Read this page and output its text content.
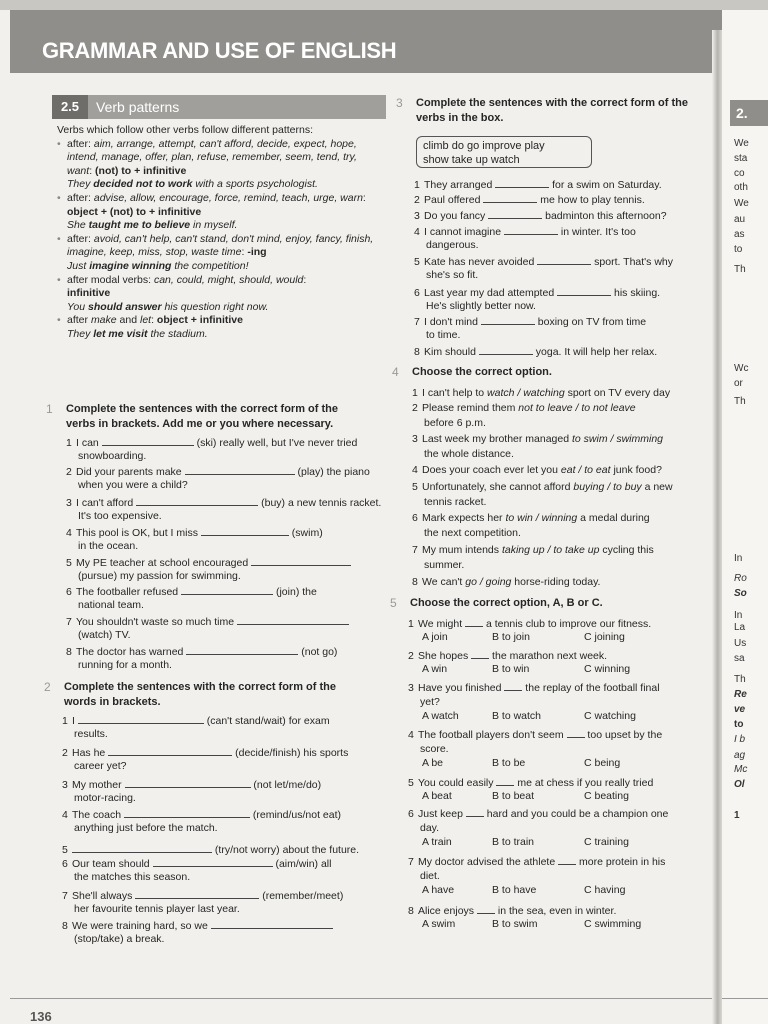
GRAMMAR AND USE OF ENGLISH
2.5	Verb patterns

Verbs which follow other verbs follow different patterns:

• after: aim, arrange, attempt, can't afford, decide, expect, hope, intend, manage, offer, plan, refuse, remember, seem, tend, try, want: (not) to + infinitive
They decided not to work with a sports psychologist.
• after: advise, allow, encourage, force, remind, teach, urge, warn: object + (not) to + infinitive
She taught me to believe in myself.
• after: avoid, can't help, can't stand, don't mind, enjoy, fancy, finish, imagine, keep, miss, stop, waste time: -ing
Just imagine winning the competition!
• after modal verbs: can, could, might, should, would:
infinitive
You should answer his question right now.
• after make and let: object + infinitive
They let me visit the stadium.
1 Complete the sentences with the correct form of the verbs in brackets. Add me or you where necessary.
2 Complete the sentences with the correct form of the words in brackets.
3 Complete the sentences with the correct form of the verbs in the box.
4 Choose the correct option.
5 Choose the correct option, A, B or C.
1 I can	(ski) really well, but I've never tried
snowboarding.
2 Did your parents make	(play) the piano
when you were a child?
3 I can't afford	(buy) a new tennis racket.
It's too expensive.
4 This pool is OK, but I miss	(swim)
in the ocean.
5 My PE teacher at school encouraged
(pursue) my passion for swimming.
6 The footballer refused	(join) the
national team.
7 You shouldn't waste so much time
(watch) TV.
8 The doctor has warned	(not go)
running for a month.
1 I	(can't stand/wait) for exam
results.
2 Has he	(decide/finish) his sports
career yet?
3 My mother	(not let/me/do)
motor-racing.
4 The coach	(remind/us/not eat)
anything just before the match.
5	(try/not worry) about the future.
6 Our team should	(aim/win) all
the matches this season.
7 She'll always	(remember/meet)
her favourite tennis player last year.
8 We were training hard, so we
(stop/take) a break.
1 They arranged	for a swim on Saturday.
2 Paul offered	me how to play tennis.
3 Do you fancy	badminton this afternoon?
4 I cannot imagine	in winter. It's too
dangerous.
5 Kate has never avoided	sport. That's why
she's so fit.
6 Last year my dad attempted	his skiing.
He's slightly better now.
7 I don't mind	boxing on TV from time
to time.
8 Kim should	yoga. It will help her relax.
1 I can't help to watch / watching sport on TV every day
2 Please remind them not to leave / to not leave
before 6 p.m.
3 Last week my brother managed to swim / swimming
the whole distance.
4 Does your coach ever let you eat / to eat junk food?
5 Unfortunately, she cannot afford buying / to buy a new
tennis racket.
6 Mark expects her to win / winning a medal during
the next competition.
7 My mum intends taking up / to take up cycling this
summer.
8 We can't go / going horse-riding today.
1 We might  a tennis club to improve our fitness.
A join	B to join	C joining
2 She hopes  the marathon next week.
A win	B to win	C winning
3 Have you finished  the replay of the football final
yet?
A watch	B to watch	C watching
4 The football players don't seem  too upset by the
score.
A be	B to be	C being
5 You could easily  me at chess if you really tried
A beat	B to beat	C beating
6 Just keep  hard and you could be a champion one
day.
A train	B to train	C training
7 My doctor advised the athlete  more protein in his
diet.
A have	B to have	C having
8 Alice enjoys  in the sea, even in winter.
A swim	B to swim	C swimming
climb do go improve play
show take up watch
2.
We
sta
co
oth
We
au
as
to
Th
Wc
or
Th
In
Ro
So
In
La
Us
sa
Th
Re
ve
to
I b
ag
Mc
Ol
1
136
